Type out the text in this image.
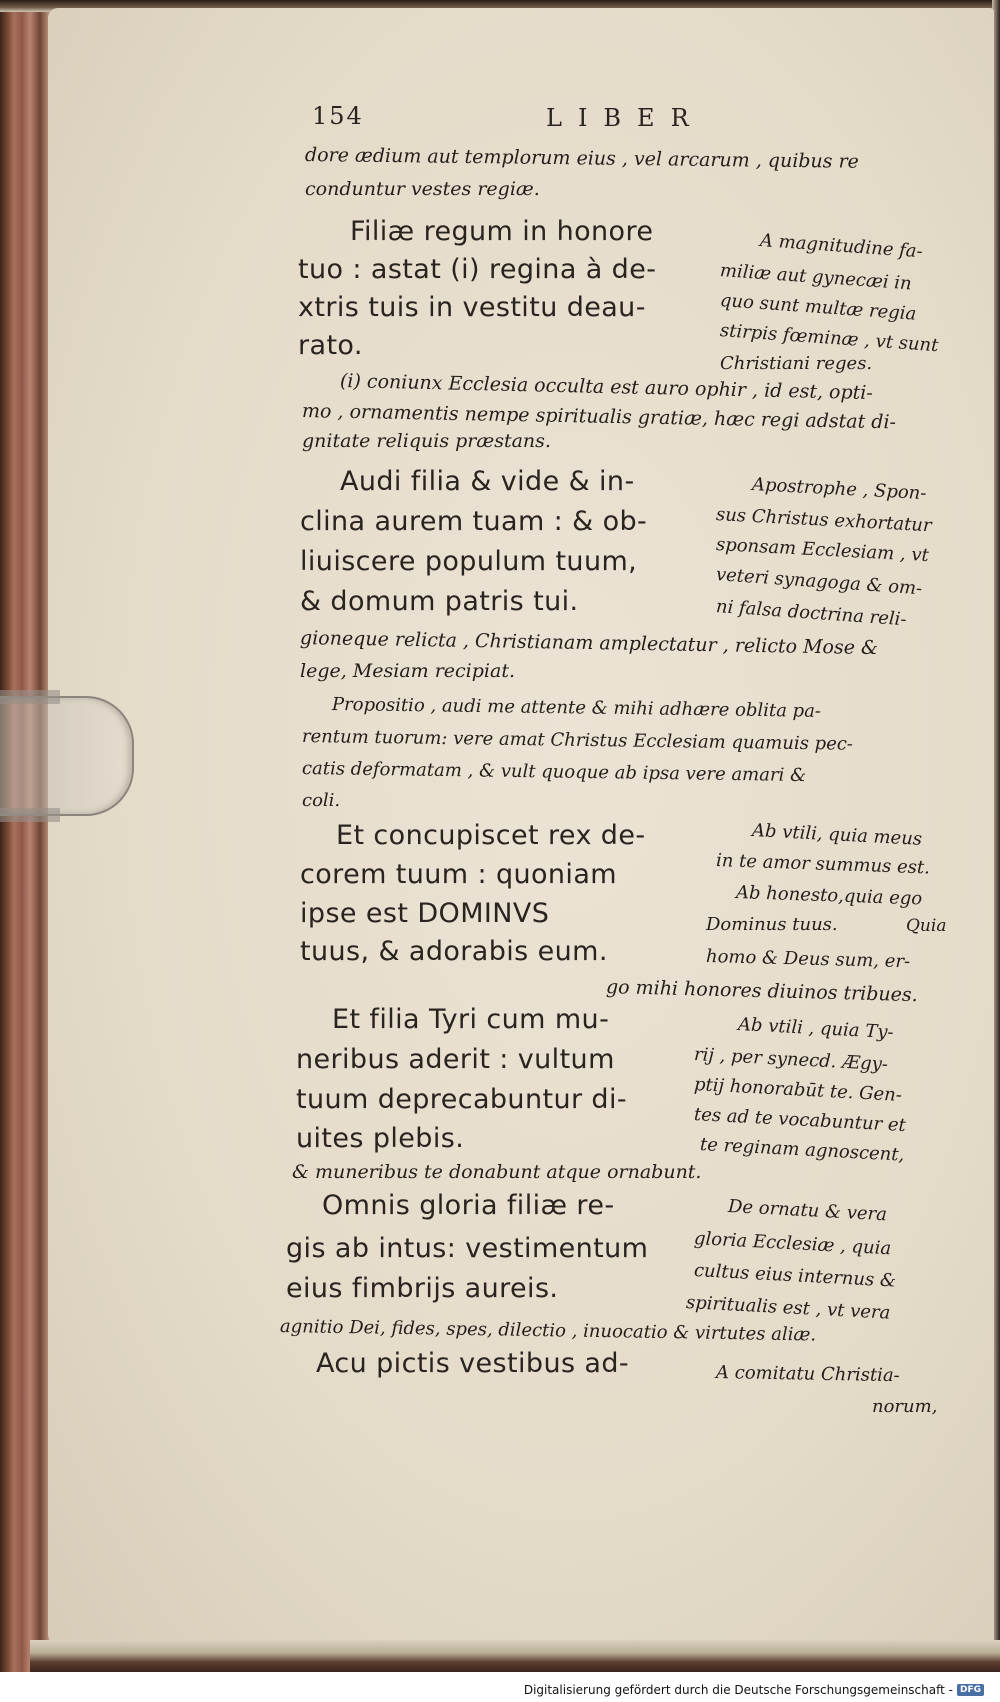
154	LIBER
dore ædium aut templorum eius , vel arcarum , quibus re
conduntur vestes regiæ.
Filiæ regum in honore
tuo : astat (i) regina à de-
xtris tuis in vestitu deau-
rato.
(i) coniunx Ecclesia occulta est auro ophir , id est, opti-
mo , ornamentis nempe spiritualis gratiæ, hæc regi adstat di-
gnitate reliquis præstans.
Audi filia & vide & in-
clina aurem tuam : & ob-
liuiscere populum tuum,
& domum patris tui.
gioneque relicta , Christianam amplectatur , relicto Mose &
lege, Mesiam recipiat.
Propositio , audi me attente & mihi adhære oblita pa-
rentum tuorum: vere amat Christus Ecclesiam quamuis pec-
catis deformatam , & vult quoque ab ipsa vere amari &
coli.
Et concupiscet rex de-
corem tuum : quoniam
ipse est DOMINVS
tuus, & adorabis eum.
go mihi honores diuinos tribues.
Et filia Tyri cum mu-
neribus aderit : vultum
tuum deprecabuntur di-
uites plebis.
& muneribus te donabunt atque ornabunt.
Omnis gloria filiæ re-
gis ab intus: vestimentum
eius fimbrijs aureis.
agnitio Dei, fides, spes, dilectio , inuocatio & virtutes aliæ.
Acu pictis vestibus ad-
A magnitudine fa-
miliæ aut gynecæi in
quo sunt multæ regia
stirpis fœminæ , vt sunt
Christiani reges.
Apostrophe , Spon-
sus Christus exhortatur
sponsam Ecclesiam , vt
veteri synagoga & om-
ni falsa doctrina reli-
Ab vtili, quia meus
in te amor summus est.
Ab honesto,quia ego
Dominus tuus.	Quia
homo & Deus sum, er-
Ab vtili , quia Ty-
rij , per synecd. Ægy-
ptij honorabūt te. Gen-
tes ad te vocabuntur et
te reginam agnoscent,
De ornatu & vera
gloria Ecclesiæ , quia
cultus eius internus &
spiritualis est , vt vera
A comitatu Christia-
norum,
Digitalisierung gefördert durch die Deutsche Forschungsgemeinschaft - DFG
